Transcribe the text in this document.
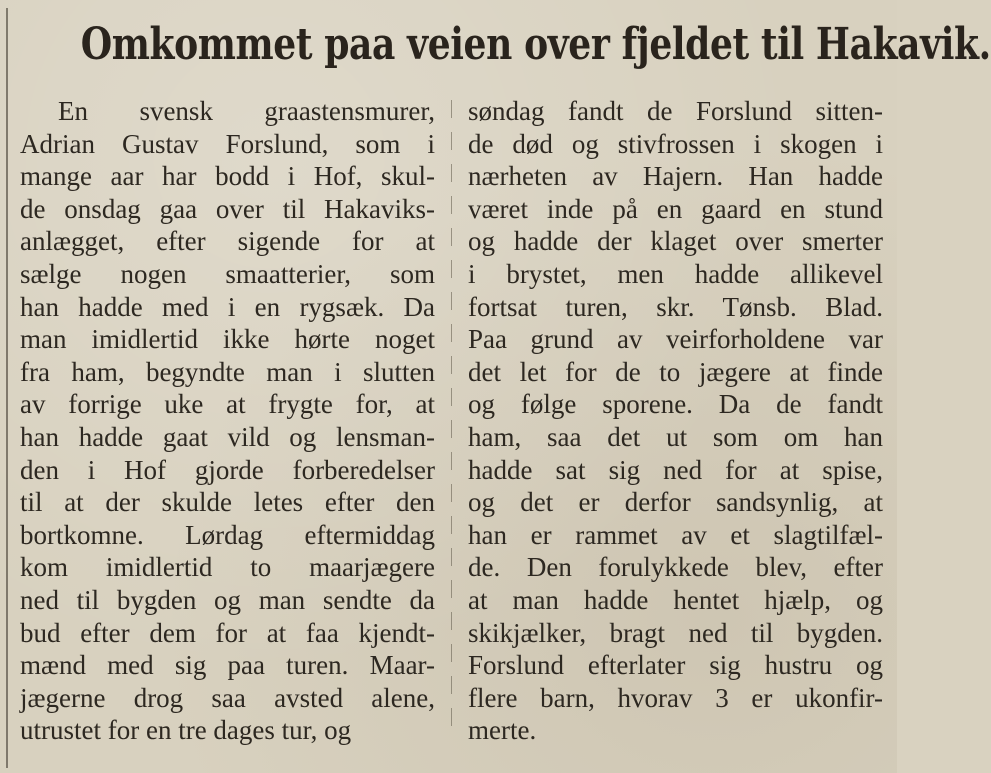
Omkommet paa veien over fjeldet til Hakavik.
En svensk graastensmurer,
Adrian Gustav Forslund, som i
mange aar har bodd i Hof, skul-
de onsdag gaa over til Hakaviks-
anlægget, efter sigende for at
sælge nogen smaatterier, som
han hadde med i en rygsæk. Da
man imidlertid ikke hørte noget
fra ham, begyndte man i slutten
av forrige uke at frygte for, at
han hadde gaat vild og lensman-
den i Hof gjorde forberedelser
til at der skulde letes efter den
bortkomne. Lørdag eftermiddag
kom imidlertid to maarjægere
ned til bygden og man sendte da
bud efter dem for at faa kjendt-
mænd med sig paa turen. Maar-
jægerne drog saa avsted alene,
utrustet for en tre dages tur, og
søndag fandt de Forslund sitten-
de død og stivfrossen i skogen i
nærheten av Hajern. Han hadde
været inde på en gaard en stund
og hadde der klaget over smerter
i brystet, men hadde allikevel
fortsat turen, skr. Tønsb. Blad.
Paa grund av veirforholdene var
det let for de to jægere at finde
og følge sporene. Da de fandt
ham, saa det ut som om han
hadde sat sig ned for at spise,
og det er derfor sandsynlig, at
han er rammet av et slagtilfæl-
de. Den forulykkede blev, efter
at man hadde hentet hjælp, og
skikjælker, bragt ned til bygden.
Forslund efterlater sig hustru og
flere barn, hvorav 3 er ukonfir-
merte.
